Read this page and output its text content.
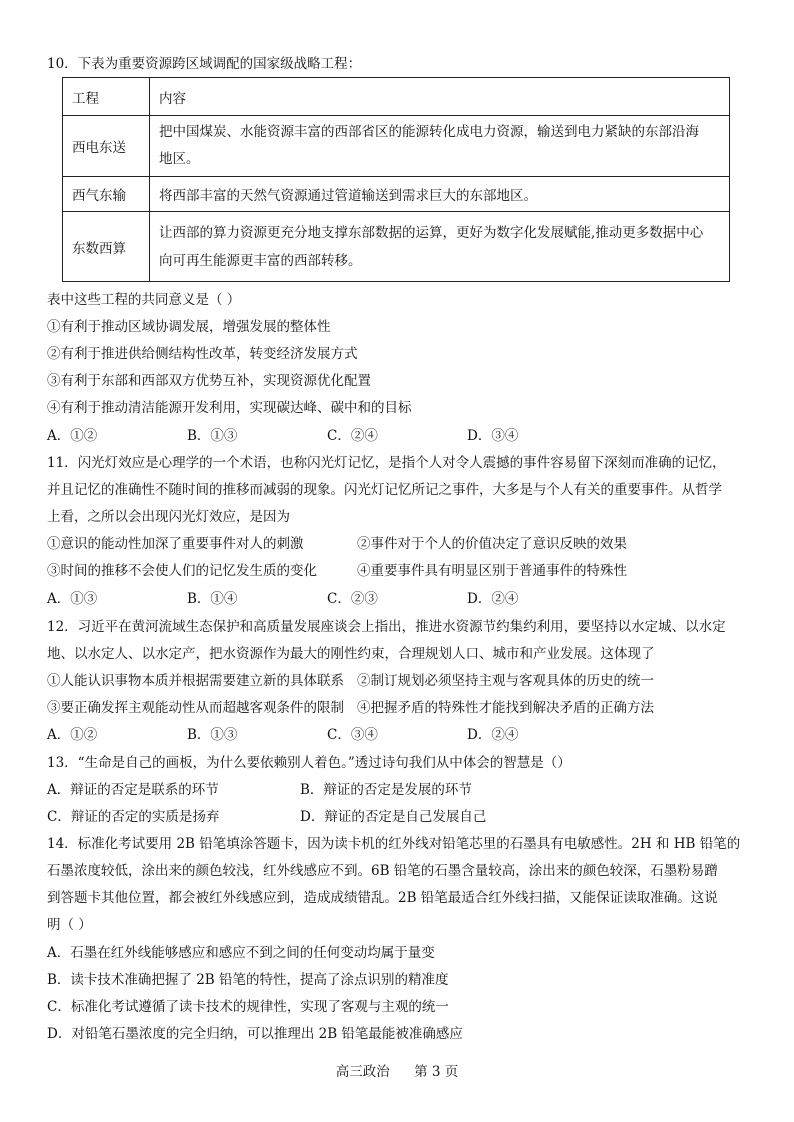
10．下表为重要资源跨区域调配的国家级战略工程：
工程	内容
西电东送	把中国煤炭、水能资源丰富的西部省区的能源转化成电力资源，输送到电力紧缺的东部沿海
地区。

西气东输	将西部丰富的天然气资源通过管道输送到需求巨大的东部地区。
东数西算	让西部的算力资源更充分地支撑东部数据的运算，更好为数字化发展赋能,推动更多数据中心
向可再生能源更丰富的西部转移。
表中这些工程的共同意义是（ ）
①有利于推动区域协调发展，增强发展的整体性
②有利于推进供给侧结构性改革，转变经济发展方式
③有利于东部和西部双方优势互补，实现资源优化配置
④有利于推动清洁能源开发利用，实现碳达峰、碳中和的目标
A．①②	B．①③	C．②④	D．③④
11．闪光灯效应是心理学的一个术语，也称闪光灯记忆，是指个人对令人震撼的事件容易留下深刻而准确的记忆，
并且记忆的准确性不随时间的推移而减弱的现象。闪光灯记忆所记之事件，大多是与个人有关的重要事件。从哲学
上看，之所以会出现闪光灯效应，是因为
①意识的能动性加深了重要事件对人的刺激	②事件对于个人的价值决定了意识反映的效果
③时间的推移不会使人们的记忆发生质的变化	④重要事件具有明显区别于普通事件的特殊性
A．①③	B．①④	C．②③	D．②④
12．习近平在黄河流域生态保护和高质量发展座谈会上指出，推进水资源节约集约利用，要坚持以水定城、以水定
地、以水定人、以水定产，把水资源作为最大的刚性约束，合理规划人口、城市和产业发展。这体现了
①人能认识事物本质并根据需要建立新的具体联系 ②制订规划必须坚持主观与客观具体的历史的统一
③要正确发挥主观能动性从而超越客观条件的限制 ④把握矛盾的特殊性才能找到解决矛盾的正确方法
A．①②	B．①③	C．③④	D．②④
13．“生命是自己的画板，为什么要依赖别人着色。”透过诗句我们从中体会的智慧是（）
A．辩证的否定是联系的环节	B．辩证的否定是发展的环节
C．辩证的否定的实质是扬弃	D．辩证的否定是自己发展自己
14．标准化考试要用 2B 铅笔填涂答题卡，因为读卡机的红外线对铅笔芯里的石墨具有电敏感性。2H 和 HB 铅笔的
石墨浓度较低，涂出来的颜色较浅，红外线感应不到。6B 铅笔的石墨含量较高，涂出来的颜色较深，石墨粉易蹭
到答题卡其他位置，都会被红外线感应到，造成成绩错乱。2B 铅笔最适合红外线扫描，又能保证读取准确。这说
明（ ）
A．石墨在红外线能够感应和感应不到之间的任何变动均属于量变
B．读卡技术准确把握了 2B 铅笔的特性，提高了涂点识别的精准度
C．标准化考试遵循了读卡技术的规律性，实现了客观与主观的统一
D．对铅笔石墨浓度的完全归纳，可以推理出 2B 铅笔最能被准确感应
高三政治 第 3 页
